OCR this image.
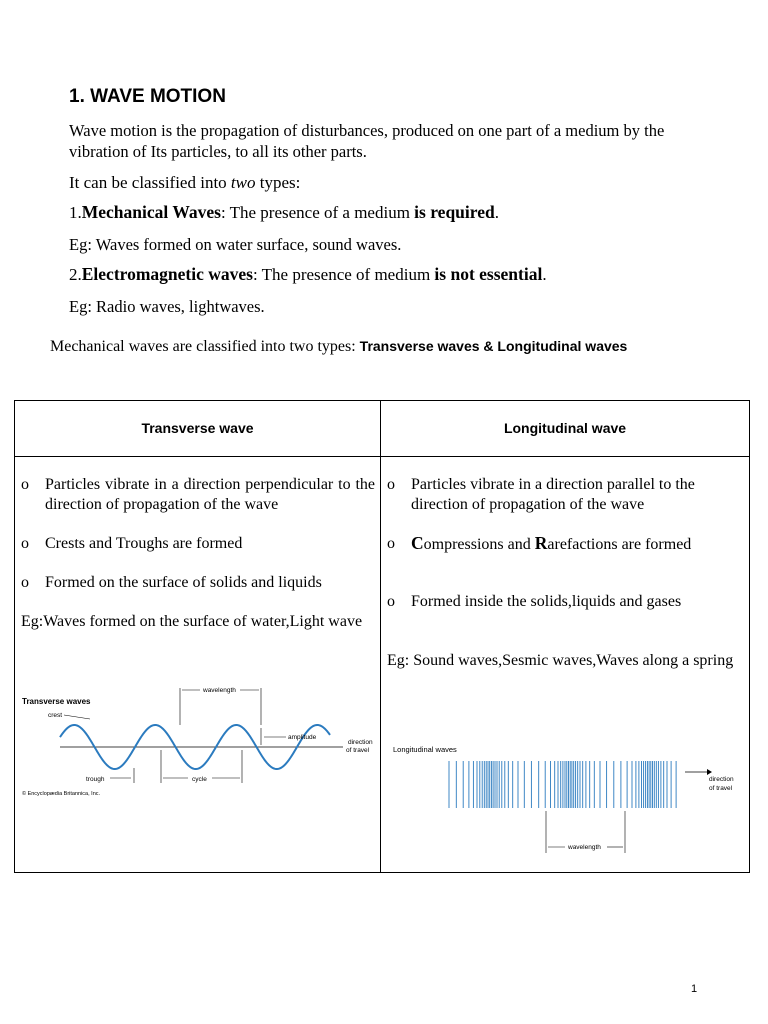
1. WAVE MOTION
Wave motion is the propagation of disturbances, produced on one part of a medium by the vibration of Its particles, to all its other parts.
It can be classified into two types:
1.Mechanical Waves: The presence of a medium is required.
Eg: Waves formed on water surface, sound waves.
2.Electromagnetic waves: The presence of medium is not essential.
Eg: Radio waves, lightwaves.
Mechanical waves are classified into two types: Transverse waves & Longitudinal waves
Transverse wave	Longitudinal wave
o Particles vibrate in a direction perpendicular to the direction of propagation of the wave
o Crests and Troughs are formed
o Formed on the surface of solids and liquids
Eg:Waves formed on the surface of water,Light wave
o Particles vibrate in a direction parallel to the direction of propagation of the wave
o Compressions and Rarefactions are formed
o Formed inside the solids,liquids and gases
Eg: Sound waves,Sesmic waves,Waves along a spring
Transverse waves
crest
wavelength
amplitude
direction
of travel
trough	cycle
© Encyclopædia Britannica, Inc.
Longitudinal waves
direction
of travel
wavelength
1
